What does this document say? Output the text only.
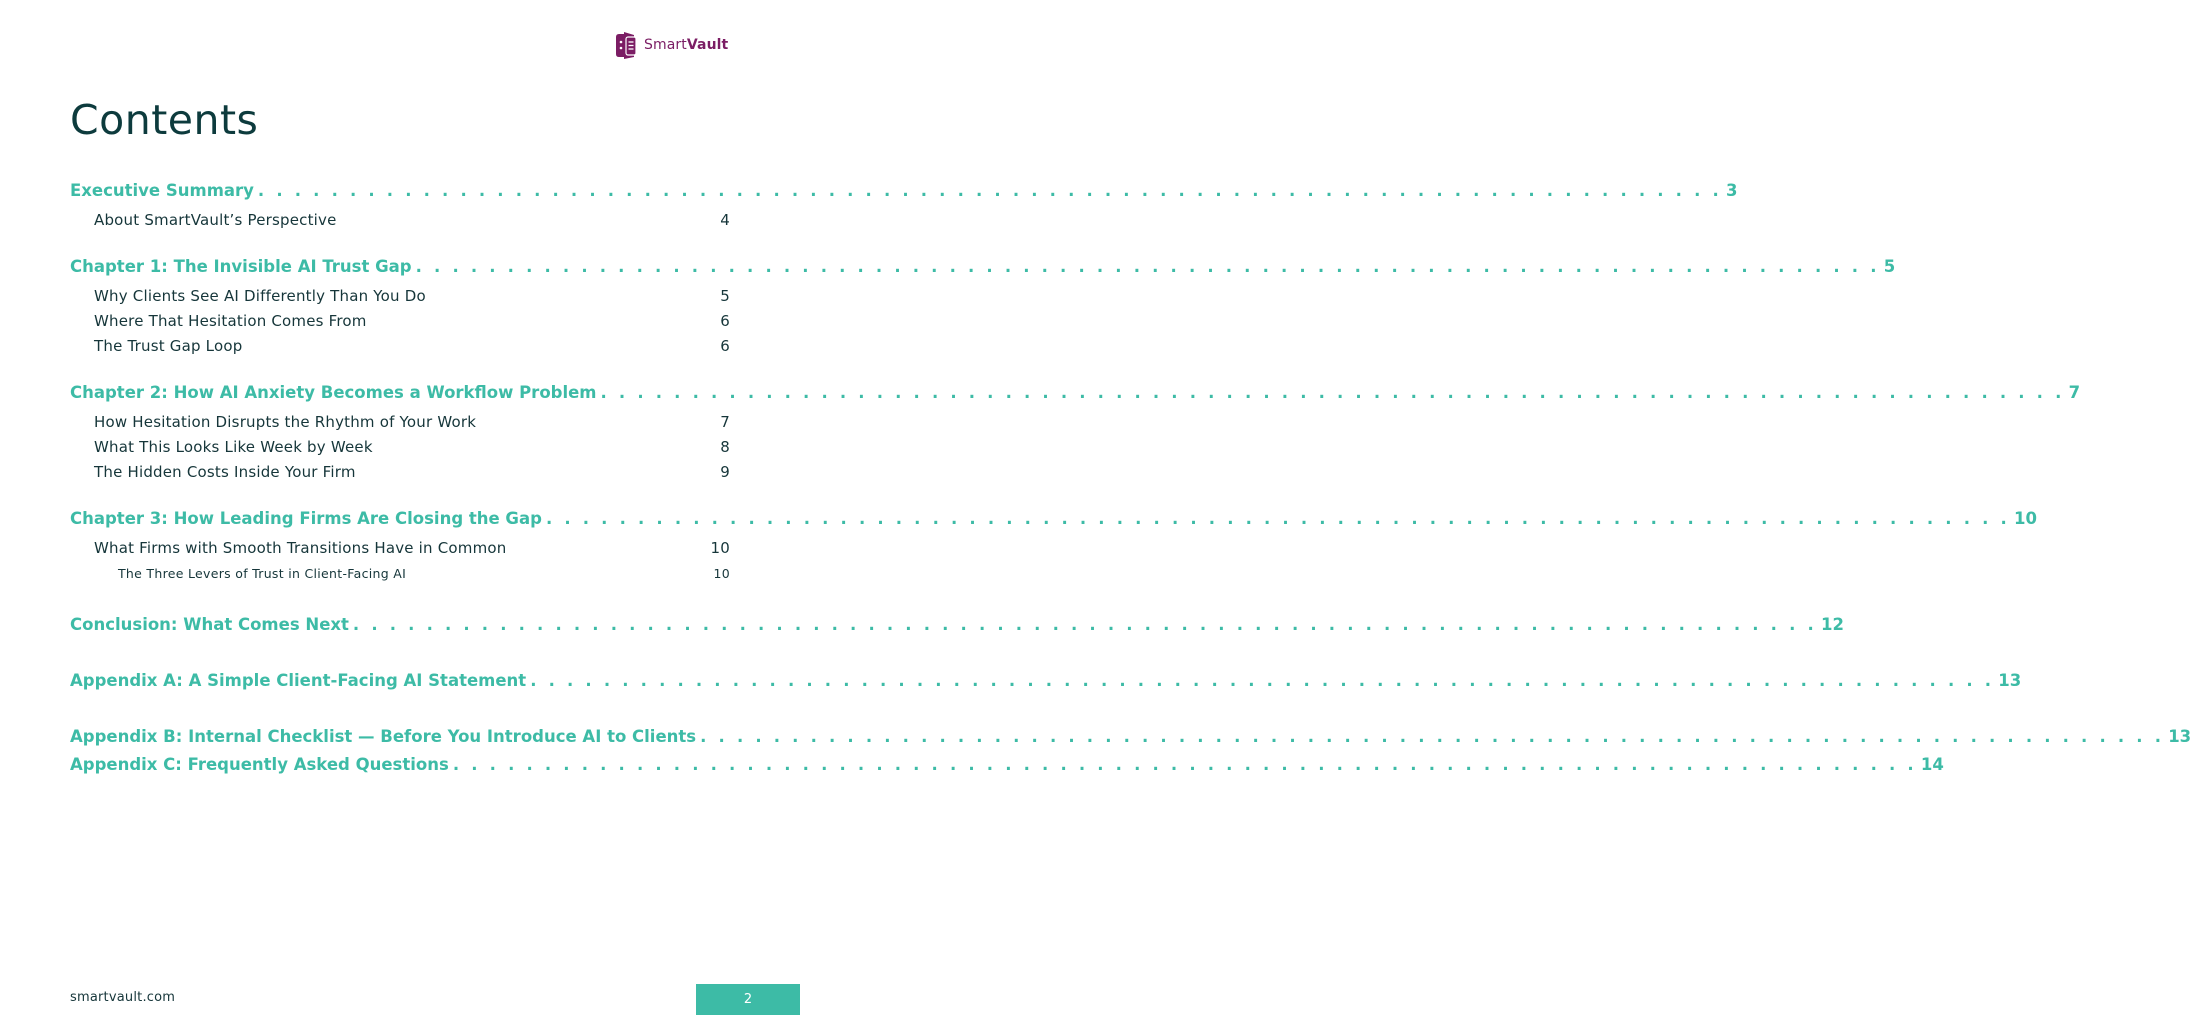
SmartVault
Contents
Executive Summary . . . . . . . . . . . . . . . . . . . . . . . . . . . . . . . . . . . . . . . . . . . . . . . . . . . . . . . . . . . . . . . . . . . . . . . . . . . . . . . . 3
About SmartVault’s Perspective	4
Chapter 1: The Invisible AI Trust Gap . . . . . . . . . . . . . . . . . . . . . . . . . . . . . . . . . . . . . . . . . . . . . . . . . . . . . . . . . . . . . . . . . . . . . . . . . . . . . . . . 5
Why Clients See AI Differently Than You Do	5
Where That Hesitation Comes From	6
The Trust Gap Loop	6
Chapter 2: How AI Anxiety Becomes a Workflow Problem . . . . . . . . . . . . . . . . . . . . . . . . . . . . . . . . . . . . . . . . . . . . . . . . . . . . . . . . . . . . . . . . . . . . . . . . . . . . . . . . 7
How Hesitation Disrupts the Rhythm of Your Work	7
What This Looks Like Week by Week	8
The Hidden Costs Inside Your Firm	9
Chapter 3: How Leading Firms Are Closing the Gap . . . . . . . . . . . . . . . . . . . . . . . . . . . . . . . . . . . . . . . . . . . . . . . . . . . . . . . . . . . . . . . . . . . . . . . . . . . . . . . . 10
What Firms with Smooth Transitions Have in Common	10
The Three Levers of Trust in Client-Facing AI	10
Conclusion: What Comes Next . . . . . . . . . . . . . . . . . . . . . . . . . . . . . . . . . . . . . . . . . . . . . . . . . . . . . . . . . . . . . . . . . . . . . . . . . . . . . . . . 12
Appendix A: A Simple Client-Facing AI Statement . . . . . . . . . . . . . . . . . . . . . . . . . . . . . . . . . . . . . . . . . . . . . . . . . . . . . . . . . . . . . . . . . . . . . . . . . . . . . . . . 13
Appendix B: Internal Checklist — Before You Introduce AI to Clients . . . . . . . . . . . . . . . . . . . . . . . . . . . . . . . . . . . . . . . . . . . . . . . . . . . . . . . . . . . . . . . . . . . . . . . . . . . . . . . . 13
Appendix C: Frequently Asked Questions . . . . . . . . . . . . . . . . . . . . . . . . . . . . . . . . . . . . . . . . . . . . . . . . . . . . . . . . . . . . . . . . . . . . . . . . . . . . . . . . 14
smartvault.com	2
